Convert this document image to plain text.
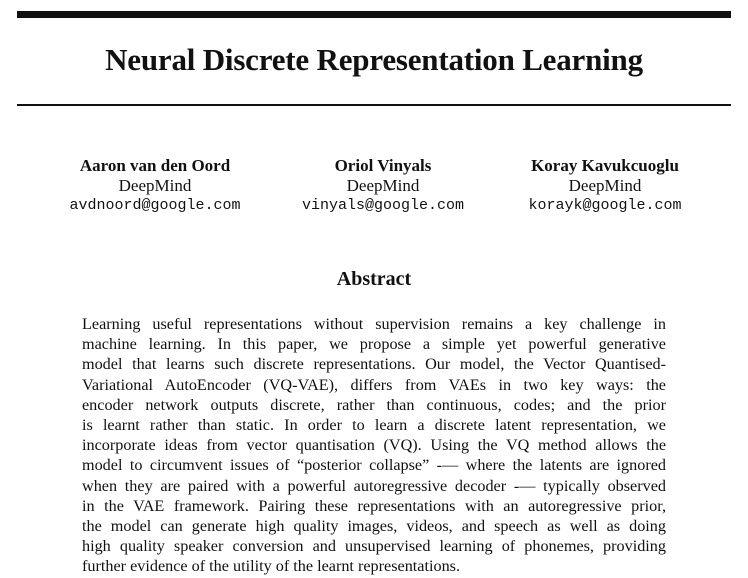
Neural Discrete Representation Learning
Aaron van den Oord
DeepMind
avdnoord@google.com
Oriol Vinyals
DeepMind
vinyals@google.com
Koray Kavukcuoglu
DeepMind
korayk@google.com
Abstract
Learning useful representations without supervision remains a key challenge in
machine learning. In this paper, we propose a simple yet powerful generative
model that learns such discrete representations. Our model, the Vector Quantised-
Variational AutoEncoder (VQ-VAE), differs from VAEs in two key ways: the
encoder network outputs discrete, rather than continuous, codes; and the prior
is learnt rather than static. In order to learn a discrete latent representation, we
incorporate ideas from vector quantisation (VQ). Using the VQ method allows the
model to circumvent issues of “posterior collapse” -— where the latents are ignored
when they are paired with a powerful autoregressive decoder -— typically observed
in the VAE framework. Pairing these representations with an autoregressive prior,
the model can generate high quality images, videos, and speech as well as doing
high quality speaker conversion and unsupervised learning of phonemes, providing
further evidence of the utility of the learnt representations.
